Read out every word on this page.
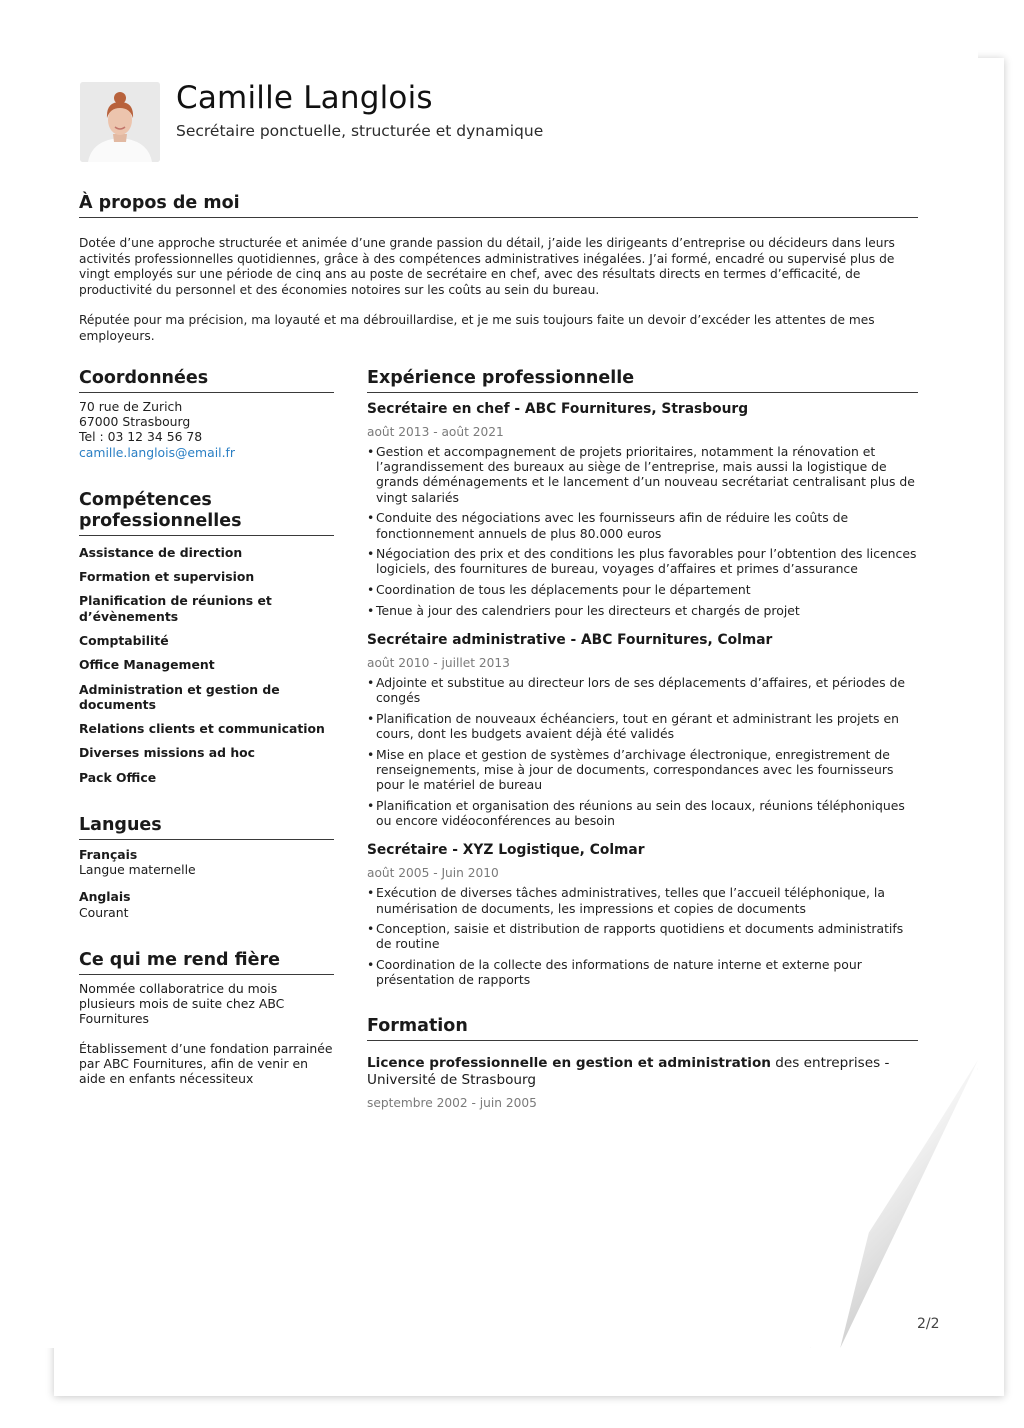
Camille Langlois
Secrétaire ponctuelle, structurée et dynamique
À propos de moi

Dotée d’une approche structurée et animée d’une grande passion du détail, j’aide les dirigeants d’entreprise ou décideurs dans leurs activités professionnelles quotidiennes, grâce à des compétences administratives inégalées. J’ai formé, encadré ou supervisé plus de vingt employés sur une période de cinq ans au poste de secrétaire en chef, avec des résultats directs en termes d’efficacité, de productivité du personnel et des économies notoires sur les coûts au sein du bureau.

Réputée pour ma précision, ma loyauté et ma débrouillardise, et je me suis toujours faite un devoir d’excéder les attentes de mes employeurs.

Coordonnées
70 rue de Zurich
67000 Strasbourg
Tel : 03 12 34 56 78
camille.langlois@email.fr
Compétences professionnelles
Assistance de direction
Formation et supervision
Planification de réunions et d’évènements
Comptabilité
Office Management
Administration et gestion de documents
Relations clients et communication
Diverses missions ad hoc
Pack Office
Langues
Français
Langue maternelle
Anglais
Courant
Ce qui me rend fière
Nommée collaboratrice du mois plusieurs mois de suite chez ABC Fournitures
Établissement d’une fondation parrainée par ABC Fournitures, afin de venir en aide en enfants nécessiteux
Expérience professionnelle
Secrétaire en chef - ABC Fournitures, Strasbourg
août 2013 - août 2021
• Gestion et accompagnement de projets prioritaires, notamment la rénovation et l’agrandissement des bureaux au siège de l’entreprise, mais aussi la logistique de grands déménagements et le lancement d’un nouveau secrétariat centralisant plus de vingt salariés
• Conduite des négociations avec les fournisseurs afin de réduire les coûts de fonctionnement annuels de plus 80.000 euros
• Négociation des prix et des conditions les plus favorables pour l’obtention des licences logiciels, des fournitures de bureau, voyages d’affaires et primes d’assurance
• Coordination de tous les déplacements pour le département
• Tenue à jour des calendriers pour les directeurs et chargés de projet
Secrétaire administrative - ABC Fournitures, Colmar
août 2010 - juillet 2013
• Adjointe et substitue au directeur lors de ses déplacements d’affaires, et périodes de congés
• Planification de nouveaux échéanciers, tout en gérant et administrant les projets en cours, dont les budgets avaient déjà été validés
• Mise en place et gestion de systèmes d’archivage électronique, enregistrement de renseignements, mise à jour de documents, correspondances avec les fournisseurs pour le matériel de bureau
• Planification et organisation des réunions au sein des locaux, réunions téléphoniques ou encore vidéoconférences au besoin
Secrétaire - XYZ Logistique, Colmar
août 2005 - Juin 2010
• Exécution de diverses tâches administratives, telles que l’accueil téléphonique, la numérisation de documents, les impressions et copies de documents
• Conception, saisie et distribution de rapports quotidiens et documents administratifs de routine
• Coordination de la collecte des informations de nature interne et externe pour présentation de rapports
Formation
Licence professionnelle en gestion et administration des entreprises - Université de Strasbourg
septembre 2002 - juin 2005
2/2
